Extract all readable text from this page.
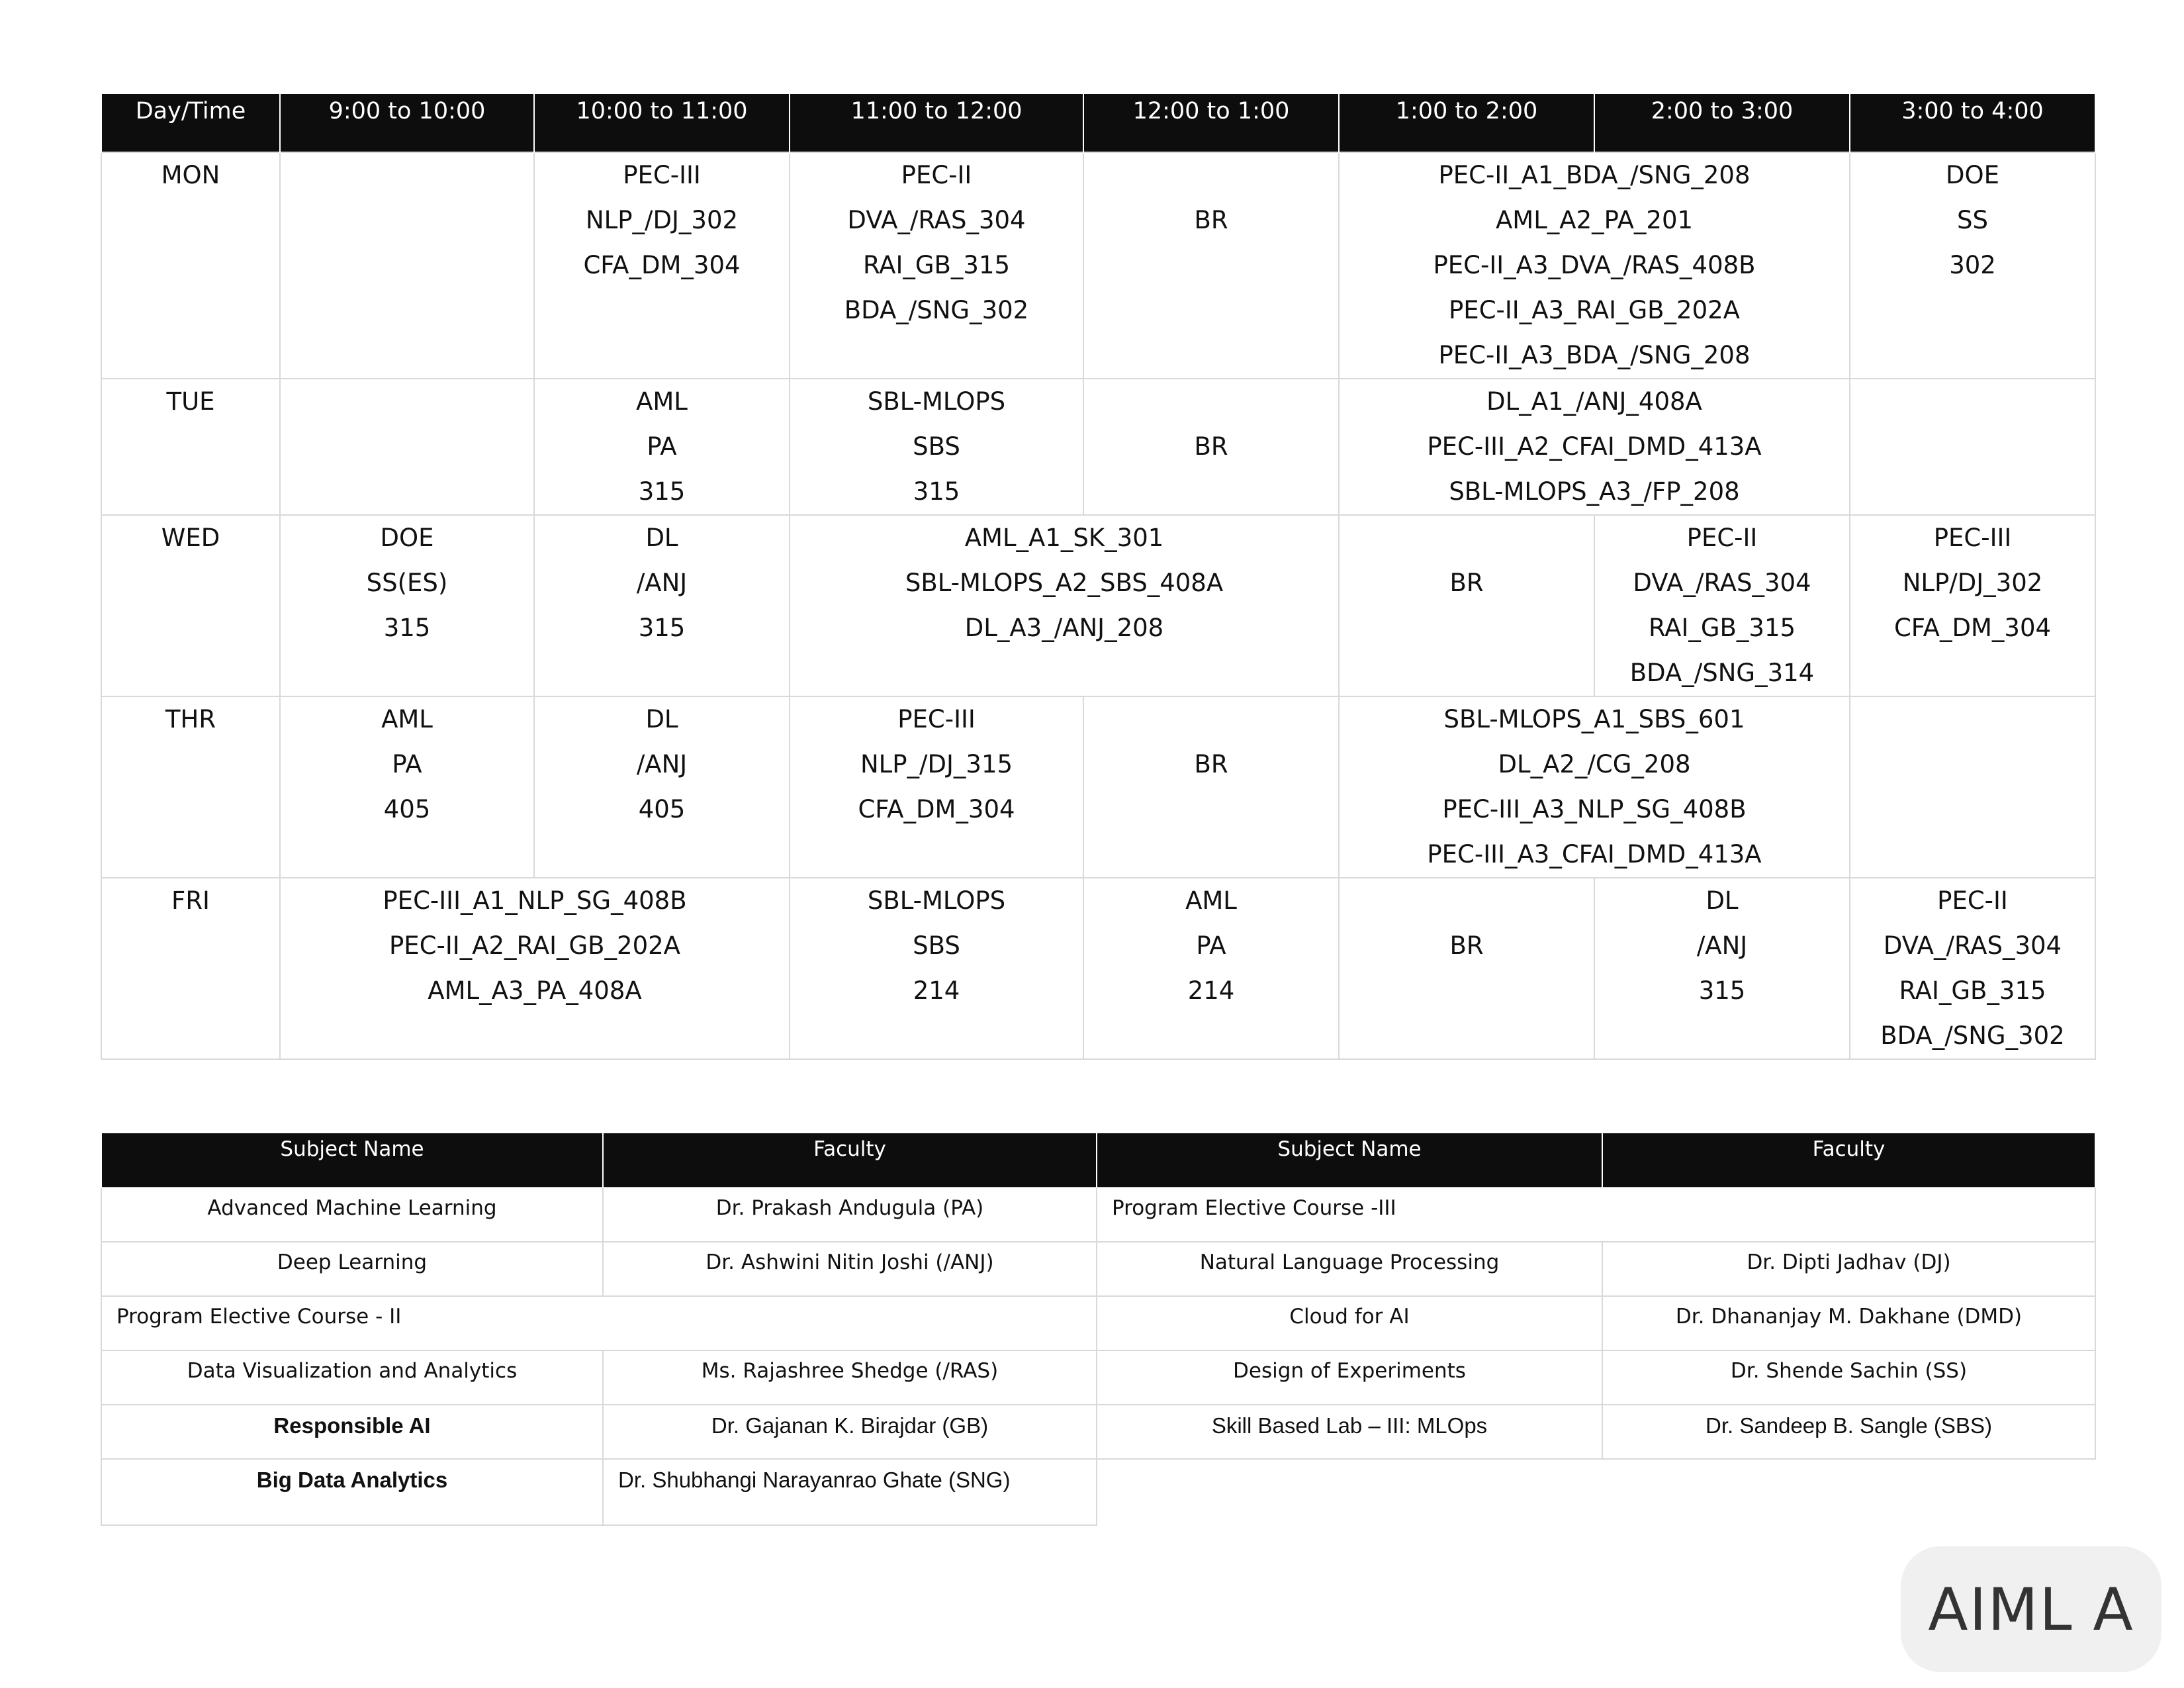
Day/Time	9:00 to 10:00	10:00 to 11:00	11:00 to 12:00	12:00 to 1:00	1:00 to 2:00	2:00 to 3:00	3:00 to 4:00

MON		PEC-III
NLP_/DJ_302
CFA_DM_304	PEC-II
DVA_/RAS_304
RAI_GB_315
BDA_/SNG_302	BR	PEC-II_A1_BDA_/SNG_208
AML_A2_PA_201
PEC-II_A3_DVA_/RAS_408B
PEC-II_A3_RAI_GB_202A
PEC-II_A3_BDA_/SNG_208		DOE
SS
302

TUE		AML
PA
315	SBL-MLOPS
SBS
315	BR	DL_A1_/ANJ_408A
PEC-III_A2_CFAI_DMD_413A
SBL-MLOPS_A3_/FP_208		

WED	DOE
SS(ES)
315	DL
/ANJ
315	AML_A1_SK_301
SBL-MLOPS_A2_SBS_408A
DL_A3_/ANJ_208		BR	PEC-II
DVA_/RAS_304
RAI_GB_315
BDA_/SNG_314	PEC-III
NLP/DJ_302
CFA_DM_304

THR	AML
PA
405	DL
/ANJ
405	PEC-III
NLP_/DJ_315
CFA_DM_304	BR	SBL-MLOPS_A1_SBS_601
DL_A2_/CG_208
PEC-III_A3_NLP_SG_408B
PEC-III_A3_CFAI_DMD_413A		

FRI	PEC-III_A1_NLP_SG_408B
PEC-II_A2_RAI_GB_202A
AML_A3_PA_408A		SBL-MLOPS
SBS
214	AML
PA
214	BR	DL
/ANJ
315	PEC-II
DVA_/RAS_304
RAI_GB_315
BDA_/SNG_302
Subject Name	Faculty	Subject Name	Faculty
Advanced Machine Learning	Dr. Prakash Andugula (PA)	Program Elective Course -III	
Deep Learning	Dr. Ashwini Nitin Joshi (/ANJ)	Natural Language Processing	Dr. Dipti Jadhav (DJ)
Program Elective Course - II		Cloud for AI	Dr. Dhananjay M. Dakhane (DMD)
Data Visualization and Analytics	Ms. Rajashree Shedge (/RAS)	Design of Experiments	Dr. Shende Sachin (SS)
Responsible AI	Dr. Gajanan K. Birajdar (GB)	Skill Based Lab – III: MLOps	Dr. Sandeep B. Sangle (SBS)
Big Data Analytics	Dr. Shubhangi Narayanrao Ghate (SNG)		
AIML A
